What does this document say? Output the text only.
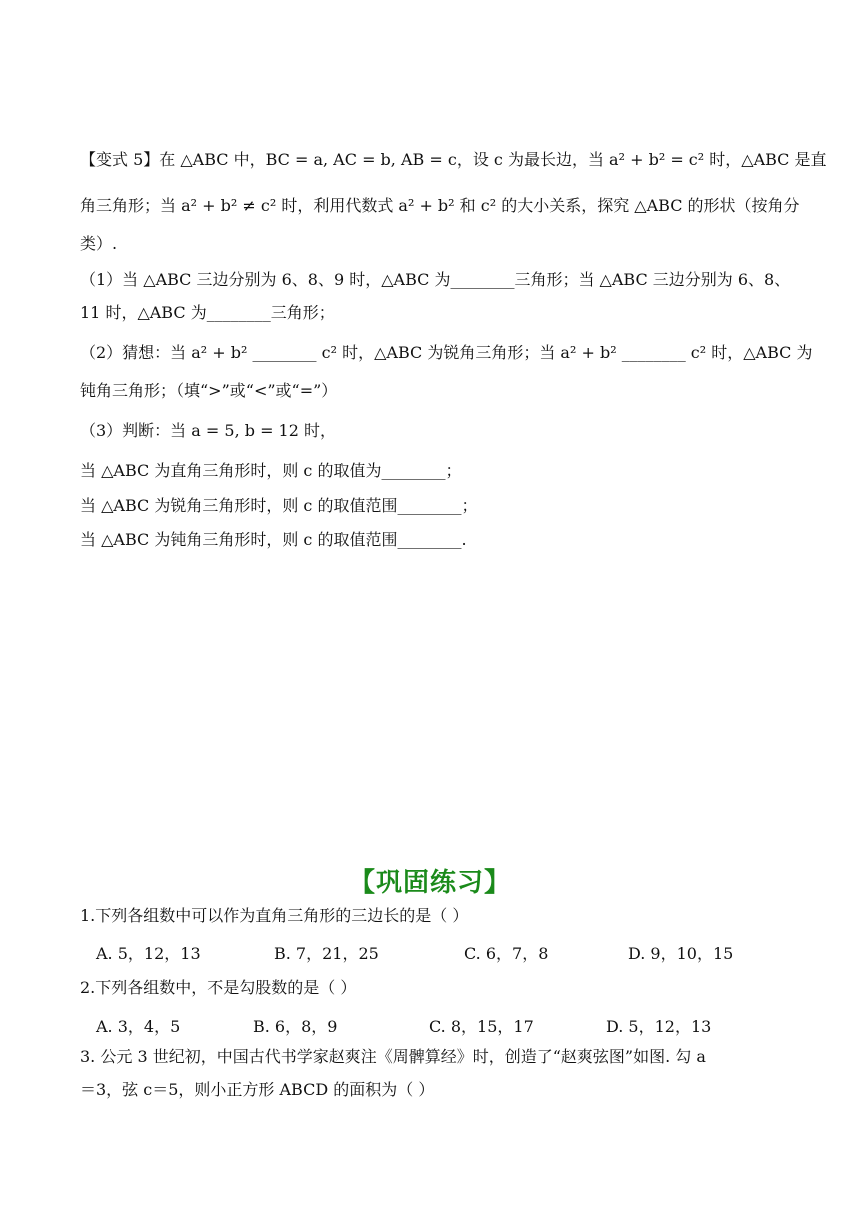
【变式 5】在 △ABC 中，BC = a, AC = b, AB = c，设 c 为最长边，当 a² + b² = c² 时，△ABC 是直
角三角形；当 a² + b² ≠ c² 时，利用代数式 a² + b² 和 c² 的大小关系，探究 △ABC 的形状（按角分
类）.
（1）当 △ABC 三边分别为 6、8、9 时，△ABC 为________三角形；当 △ABC 三边分别为 6、8、
11 时，△ABC 为________三角形；
（2）猜想：当 a² + b² ________ c² 时，△ABC 为锐角三角形；当 a² + b² ________ c² 时，△ABC 为
钝角三角形；（填“>”或“<”或“=”）
（3）判断：当 a = 5, b = 12 时，
当 △ABC 为直角三角形时，则 c 的取值为________；
当 △ABC 为锐角三角形时，则 c 的取值范围________；
当 △ABC 为钝角三角形时，则 c 的取值范围________.
【巩固练习】
1.下列各组数中可以作为直角三角形的三边长的是（ ）
A. 5，12，13	B. 7，21，25	C. 6，7，8	D. 9，10，15
2.下列各组数中，不是勾股数的是（ ）
A. 3，4，5	B. 6，8，9	C. 8，15，17	D. 5，12，13
3. 公元 3 世纪初，中国古代书学家赵爽注《周髀算经》时，创造了“赵爽弦图”如图. 勾 a
＝3，弦 c＝5，则小正方形 ABCD 的面积为（ ）
